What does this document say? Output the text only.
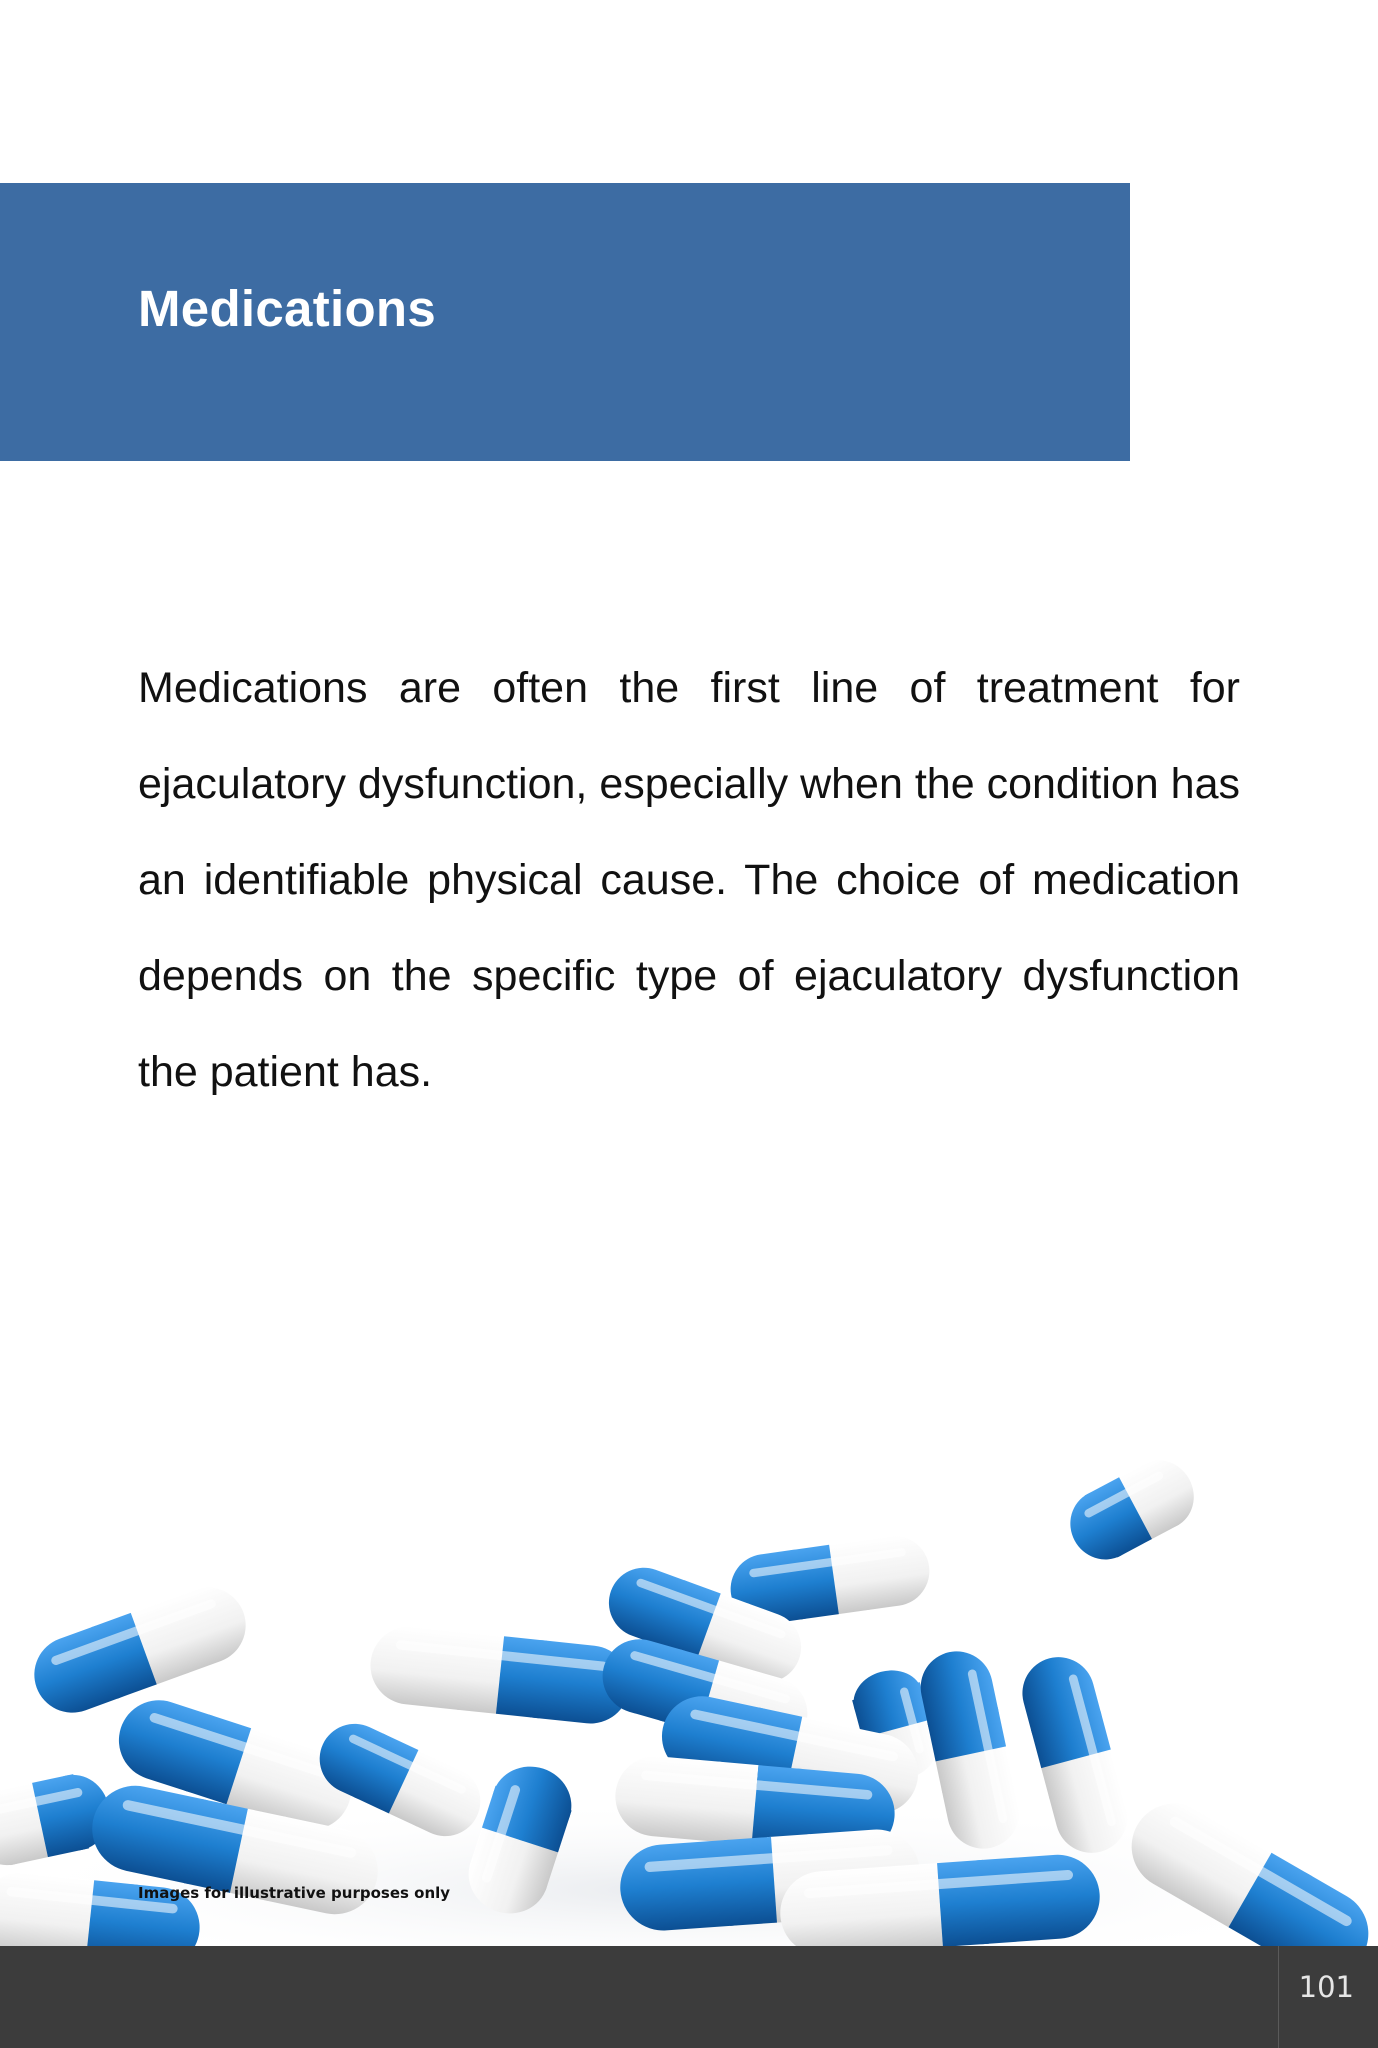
Medications

Medications are often the first line of treatment for ejaculatory dysfunction, especially when the condition has an identifiable physical cause. The choice of medication depends on the specific type of ejaculatory dysfunction the patient has.

Images for illustrative purposes only
101
